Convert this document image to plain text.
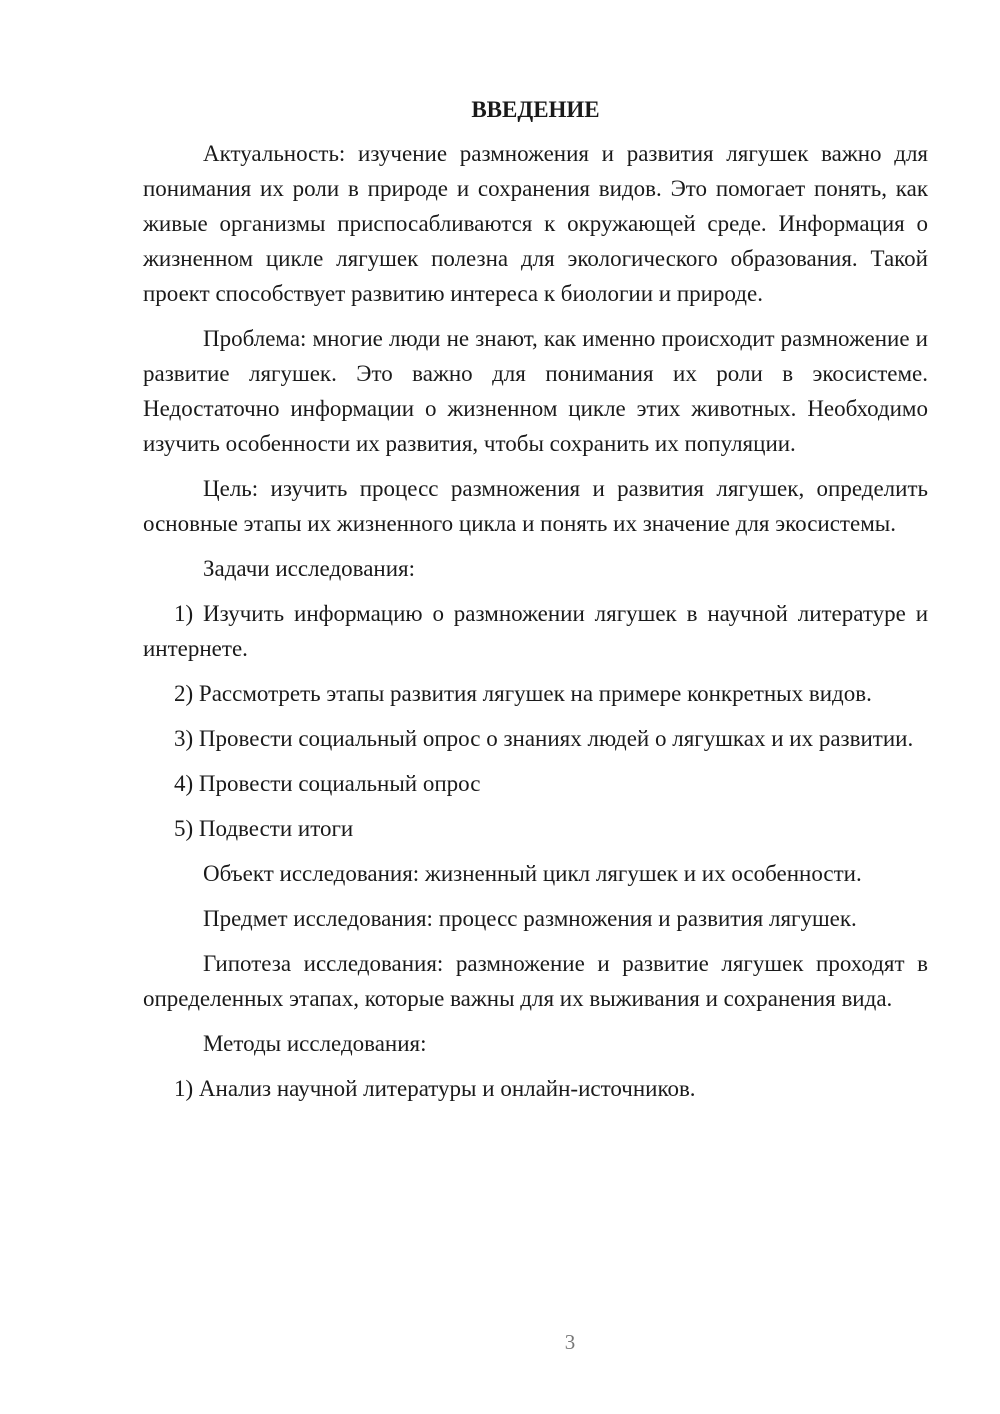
ВВЕДЕНИЕ

Актуальность: изучение размножения и развития лягушек важно для понимания их роли в природе и сохранения видов. Это помогает понять, как живые организмы приспосабливаются к окружающей среде. Информация о жизненном цикле лягушек полезна для экологического образования. Такой проект способствует развитию интереса к биологии и природе.

Проблема: многие люди не знают, как именно происходит размножение и развитие лягушек. Это важно для понимания их роли в экосистеме. Недостаточно информации о жизненном цикле этих животных. Необходимо изучить особенности их развития, чтобы сохранить их популяции.

Цель: изучить процесс размножения и развития лягушек, определить основные этапы их жизненного цикла и понять их значение для экосистемы.

Задачи исследования:

1) Изучить информацию о размножении лягушек в научной литературе и интернете.

2) Рассмотреть этапы развития лягушек на примере конкретных видов.

3) Провести социальный опрос о знаниях людей о лягушках и их развитии.

4) Провести социальный опрос

5) Подвести итоги

Объект исследования: жизненный цикл лягушек и их особенности.

Предмет исследования: процесс размножения и развития лягушек.

Гипотеза исследования: размножение и развитие лягушек проходят в определенных этапах, которые важны для их выживания и сохранения вида.

Методы исследования:

1) Анализ научной литературы и онлайн-источников.

3
